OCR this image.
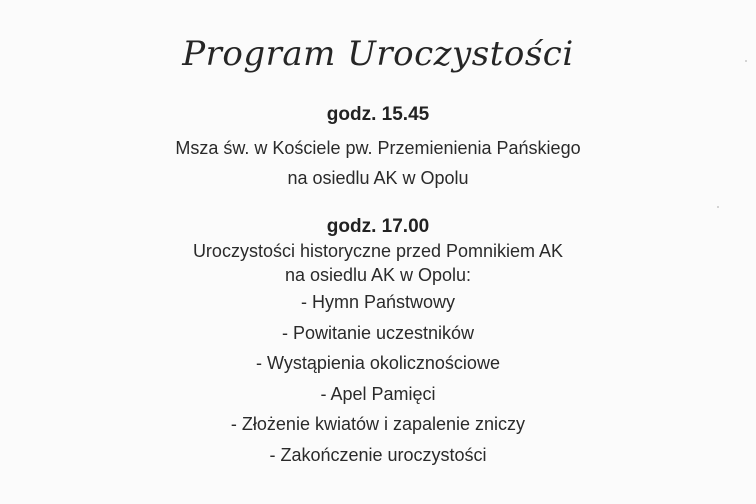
Program Uroczystości
godz. 15.45
Msza św. w Kościele pw. Przemienienia Pańskiego
na osiedlu AK w Opolu
godz. 17.00
Uroczystości historyczne przed Pomnikiem AK
na osiedlu AK w Opolu:
- Hymn Państwowy
- Powitanie uczestników
- Wystąpienia okolicznościowe
- Apel Pamięci
- Złożenie kwiatów i zapalenie zniczy
- Zakończenie uroczystości
